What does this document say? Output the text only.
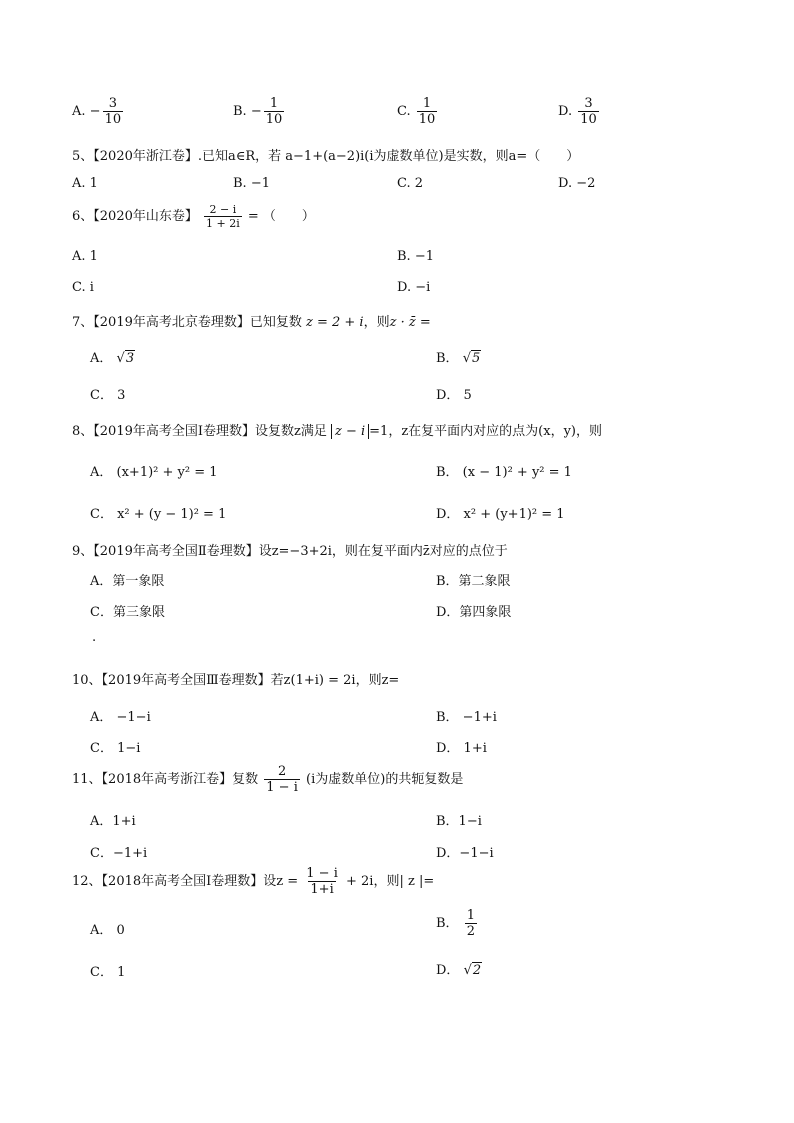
A. − $\frac{3}{10}$	B. − $\frac{1}{10}$	C. $\frac{1}{10}$	D. $\frac{3}{10}$
5、【2020年浙江卷】.已知a∈R，若 a−1+(a−2)i(i为虚数单位)是实数，则a=（　　）
A. 1	B. −1	C. 2	D. −2
6、【2020年山东卷】 $\frac{2 - i}{1 + 2i}$ = （　　）
A. 1	B. −1
C. i	D. −i
7、【2019年高考北京卷理数】已知复数 z = 2 + i，则z · z̄ =
A． √3	B． √5
C． 3	D． 5
8、【2019年高考全国Ⅰ卷理数】设复数z满足 z − i =1，z在复平面内对应的点为(x，y)，则
A． (x+1)² + y² = 1	B． (x − 1)² + y² = 1
C． x² + (y − 1)² = 1	D． x² + (y+1)² = 1
9、【2019年高考全国Ⅱ卷理数】设z=−3+2i，则在复平面内z̄对应的点位于
A．第一象限	B．第二象限
C．第三象限	D．第四象限
.
10、【2019年高考全国Ⅲ卷理数】若z(1+i) = 2i，则z=
A． −1−i	B． −1+i
C． 1−i	D． 1+i
11、【2018年高考浙江卷】复数 $\frac{2}{1 - i} (i$为虚数单位)的共轭复数是
A．1+i	B．1−i
C．−1+i	D．−1−i
12、【2018年高考全国Ⅰ卷理数】设$z = \frac{1 - i}{1+i} + 2i$，则| z |=
A． 0	B． $\frac{1}{2}$
C． 1	D． √2
